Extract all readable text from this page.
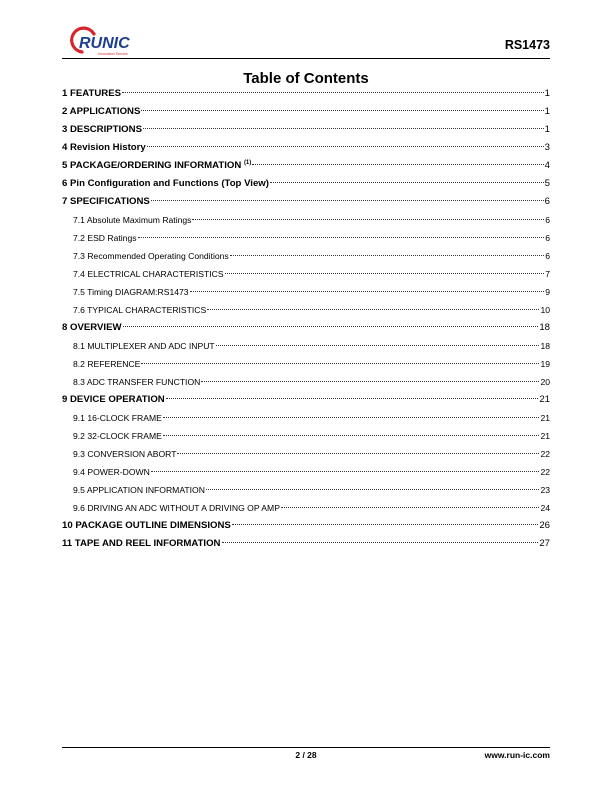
RUNIC
Innovation Service
RS1473
Table of Contents
1 FEATURES	1
2 APPLICATIONS	1
3 DESCRIPTIONS	1
4 Revision History	3
5 PACKAGE/ORDERING INFORMATION $^{(1)}$	4
6 Pin Configuration and Functions (Top View)	5
7 SPECIFICATIONS	6
7.1 Absolute Maximum Ratings	6
7.2 ESD Ratings	6
7.3 Recommended Operating Conditions	6
7.4 ELECTRICAL CHARACTERISTICS	7
7.5 Timing DIAGRAM:RS1473	9
7.6 TYPICAL CHARACTERISTICS	10
8 OVERVIEW	18
8.1 MULTIPLEXER AND ADC INPUT	18
8.2 REFERENCE	19
8.3 ADC TRANSFER FUNCTION	20
9 DEVICE OPERATION	21
9.1 16-CLOCK FRAME	21
9.2 32-CLOCK FRAME	21
9.3 CONVERSION ABORT	22
9.4 POWER-DOWN	22
9.5 APPLICATION INFORMATION	23
9.6 DRIVING AN ADC WITHOUT A DRIVING OP AMP	24
10 PACKAGE OUTLINE DIMENSIONS	26
11 TAPE AND REEL INFORMATION	27
2 / 28	www.run-ic.com
